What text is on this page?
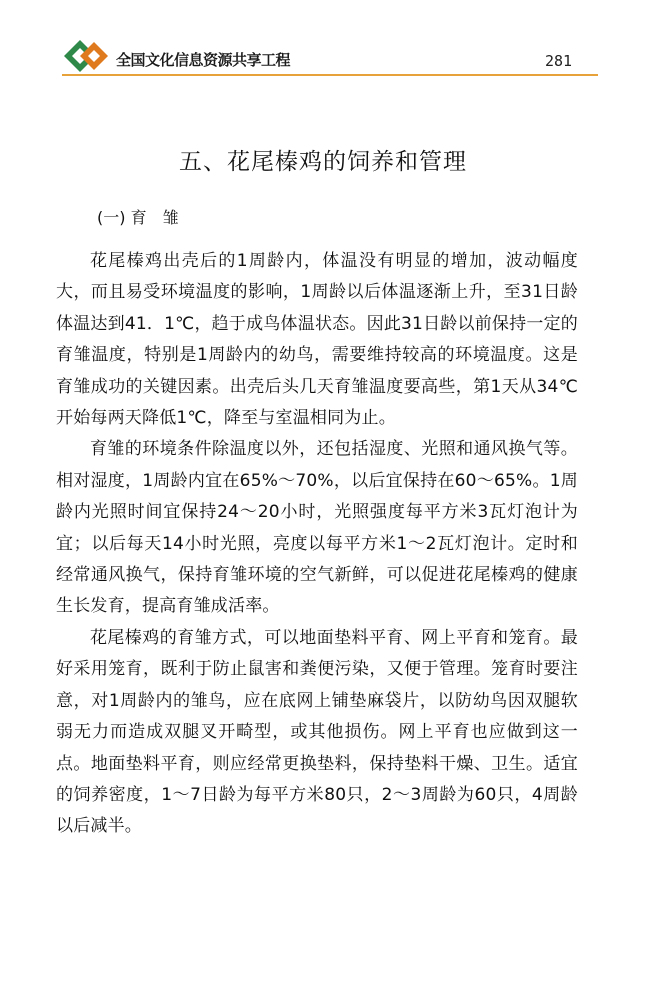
全国文化信息资源共享工程	281
五、花尾榛鸡的饲养和管理
(一) 育　雏

花尾榛鸡出壳后的1周龄内，体温没有明显的增加，波动幅度大，而且易受环境温度的影响，1周龄以后体温逐渐上升，至31日龄体温达到41．1℃，趋于成鸟体温状态。因此31日龄以前保持一定的育雏温度，特别是1周龄内的幼鸟，需要维持较高的环境温度。这是育雏成功的关键因素。出壳后头几天育雏温度要高些，第1天从34℃开始每两天降低1℃，降至与室温相同为止。

育雏的环境条件除温度以外，还包括湿度、光照和通风换气等。相对湿度，1周龄内宜在65%～70%，以后宜保持在60～65%。1周龄内光照时间宜保持24～20小时，光照强度每平方米3瓦灯泡计为宜；以后每天14小时光照，亮度以每平方米1～2瓦灯泡计。定时和经常通风换气，保持育雏环境的空气新鲜，可以促进花尾榛鸡的健康生长发育，提高育雏成活率。

花尾榛鸡的育雏方式，可以地面垫料平育、网上平育和笼育。最好采用笼育，既利于防止鼠害和粪便污染，又便于管理。笼育时要注意，对1周龄内的雏鸟，应在底网上铺垫麻袋片，以防幼鸟因双腿软弱无力而造成双腿叉开畸型，或其他损伤。网上平育也应做到这一点。地面垫料平育，则应经常更换垫料，保持垫料干燥、卫生。适宜的饲养密度，1～7日龄为每平方米80只，2～3周龄为60只，4周龄以后减半。
